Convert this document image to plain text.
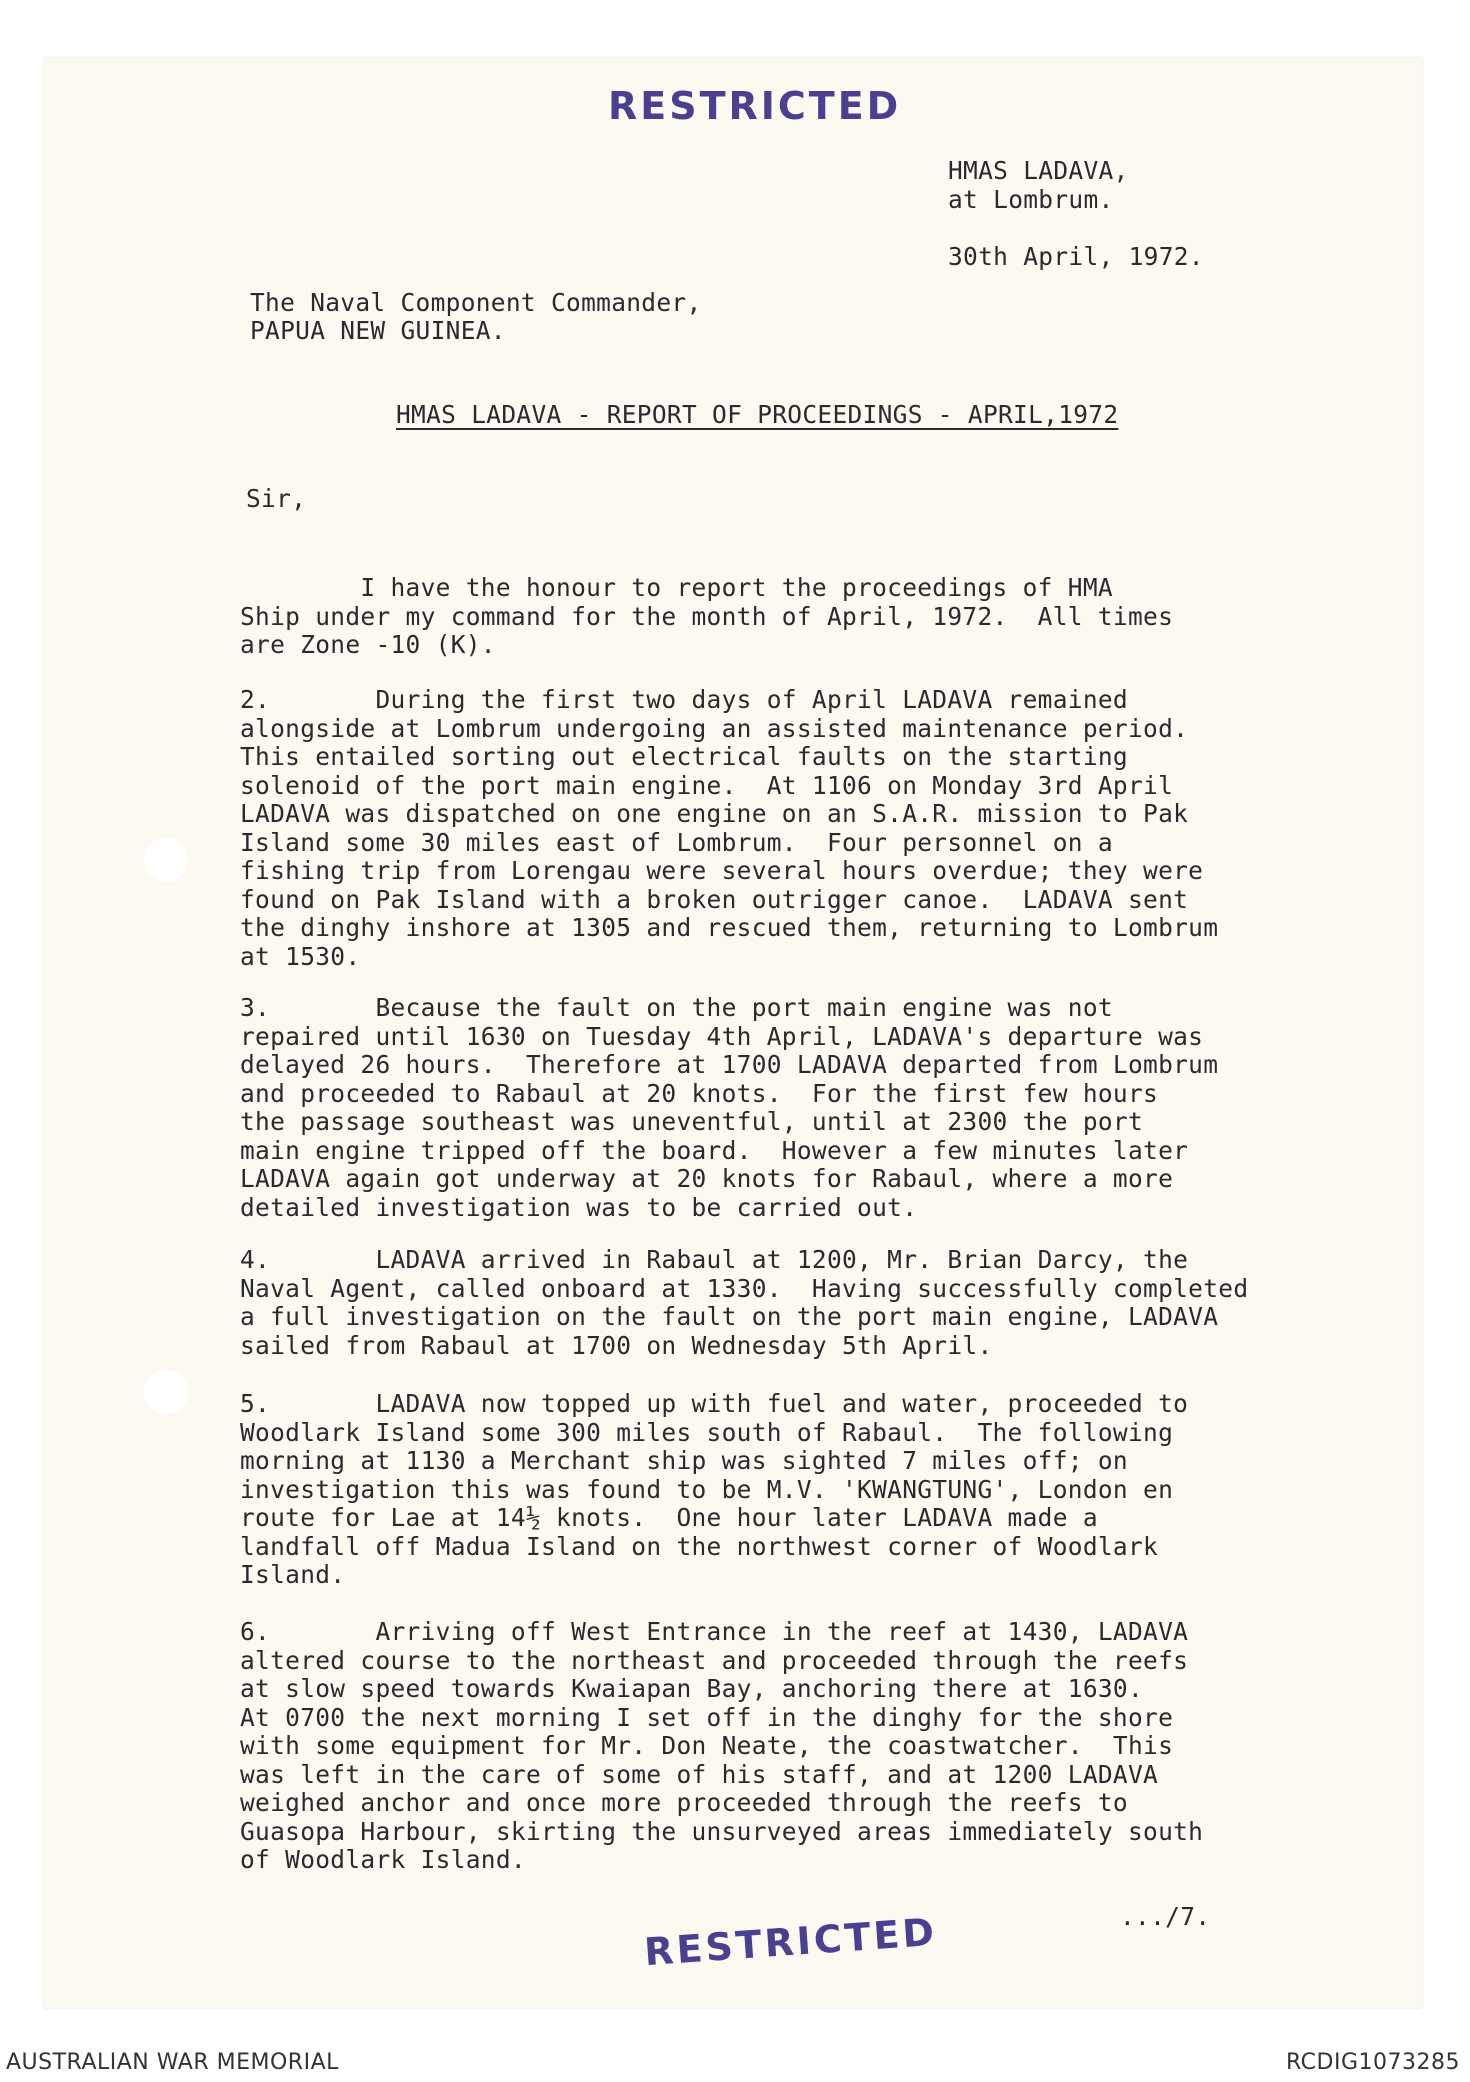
RESTRICTED
HMAS LADAVA,
at Lombrum.
30th April, 1972.
The Naval Component Commander,
PAPUA NEW GUINEA.
HMAS LADAVA - REPORT OF PROCEEDINGS - APRIL,1972
Sir,

I have the honour to report the proceedings of HMA

Ship under my command for the month of April, 1972.  All times

are Zone -10 (K).

2.       During the first two days of April LADAVA remained

alongside at Lombrum undergoing an assisted maintenance period.

This entailed sorting out electrical faults on the starting

solenoid of the port main engine.  At 1106 on Monday 3rd April

LADAVA was dispatched on one engine on an S.A.R. mission to Pak

Island some 30 miles east of Lombrum.  Four personnel on a

fishing trip from Lorengau were several hours overdue; they were

found on Pak Island with a broken outrigger canoe.  LADAVA sent

the dinghy inshore at 1305 and rescued them, returning to Lombrum

at 1530.

3.       Because the fault on the port main engine was not

repaired until 1630 on Tuesday 4th April, LADAVA's departure was

delayed 26 hours.  Therefore at 1700 LADAVA departed from Lombrum

and proceeded to Rabaul at 20 knots.  For the first few hours

the passage southeast was uneventful, until at 2300 the port

main engine tripped off the board.  However a few minutes later

LADAVA again got underway at 20 knots for Rabaul, where a more

detailed investigation was to be carried out.

4.       LADAVA arrived in Rabaul at 1200, Mr. Brian Darcy, the

Naval Agent, called onboard at 1330.  Having successfully completed

a full investigation on the fault on the port main engine, LADAVA

sailed from Rabaul at 1700 on Wednesday 5th April.

5.       LADAVA now topped up with fuel and water, proceeded to

Woodlark Island some 300 miles south of Rabaul.  The following

morning at 1130 a Merchant ship was sighted 7 miles off; on

investigation this was found to be M.V. 'KWANGTUNG', London en

route for Lae at 14½ knots.  One hour later LADAVA made a

landfall off Madua Island on the northwest corner of Woodlark

Island.

6.       Arriving off West Entrance in the reef at 1430, LADAVA

altered course to the northeast and proceeded through the reefs

at slow speed towards Kwaiapan Bay, anchoring there at 1630.

At 0700 the next morning I set off in the dinghy for the shore

with some equipment for Mr. Don Neate, the coastwatcher.  This

was left in the care of some of his staff, and at 1200 LADAVA

weighed anchor and once more proceeded through the reefs to

Guasopa Harbour, skirting the unsurveyed areas immediately south

of Woodlark Island.

.../7.
RESTRICTED
AUSTRALIAN WAR MEMORIAL	RCDIG1073285
